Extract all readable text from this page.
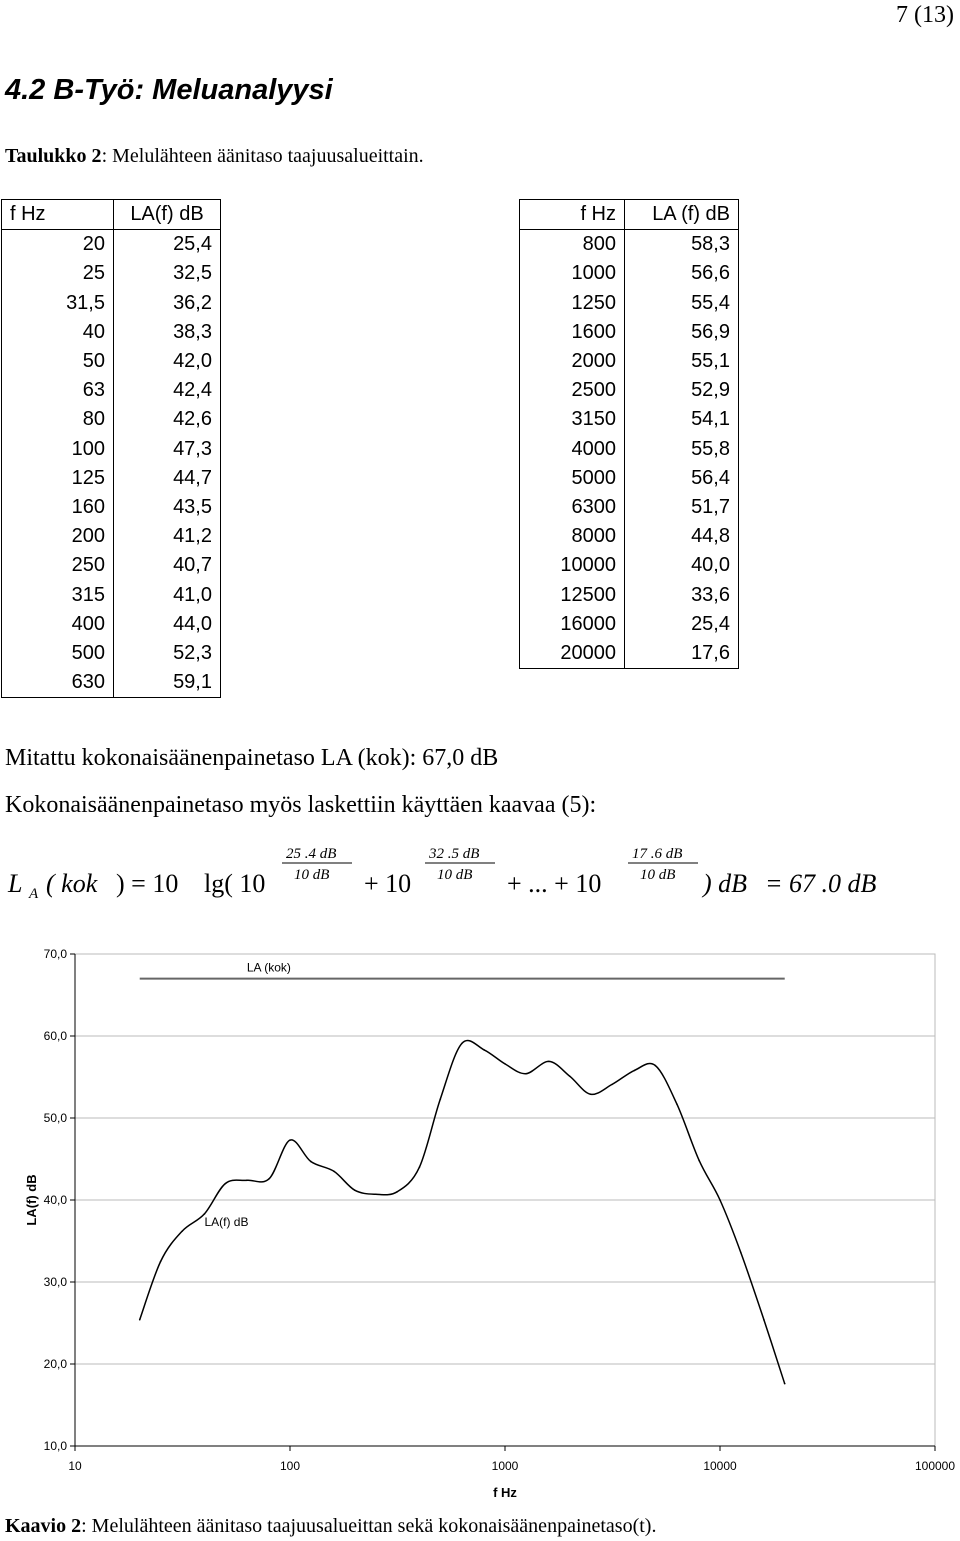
7 (13)
4.2 B-Työ: Meluanalyysi
Taulukko 2: Melulähteen äänitaso taajuusalueittain.
f Hz	LA(f) dB
20	25,4
25	32,5
31,5	36,2
40	38,3
50	42,0
63	42,4
80	42,6
100	47,3
125	44,7
160	43,5
200	41,2
250	40,7
315	41,0
400	44,0
500	52,3
630	59,1
f Hz	LA (f) dB
800	58,3
1000	56,6
1250	55,4
1600	56,9
2000	55,1
2500	52,9
3150	54,1
4000	55,8
5000	56,4
6300	51,7
8000	44,8
10000	40,0
12500	33,6
16000	25,4
20000	17,6
Mitattu kokonaisäänenpainetaso LA (kok): 67,0 dB
Kokonaisäänenpainetaso myös laskettiin käyttäen kaavaa (5):
L A ( kok ) = 10 lg( 10
25 .4 dB
10 dB + 10
32 .5 dB
10 dB + ... + 10
17 .6 dB
10 dB ) dB = 67 .0 dB
10,0
20,0
30,0
40,0
50,0
60,0
70,0
10	100	1000	10000	100000
LA (kok)
LA(f) dB
f Hz
LA(f) dB
Kaavio 2: Melulähteen äänitaso taajuusalueittan sekä kokonaisäänenpainetaso(t).
